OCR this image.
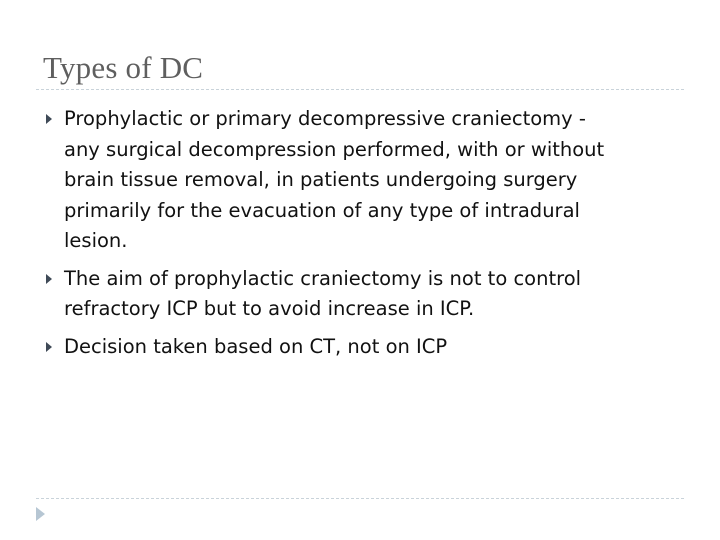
Types of DC
Prophylactic or primary decompressive craniectomy -
any surgical decompression performed, with or without
brain tissue removal, in patients undergoing surgery
primarily for the evacuation of any type of intradural
lesion.
The aim of prophylactic craniectomy is not to control
refractory ICP but to avoid increase in ICP.
Decision taken based on CT, not on ICP
